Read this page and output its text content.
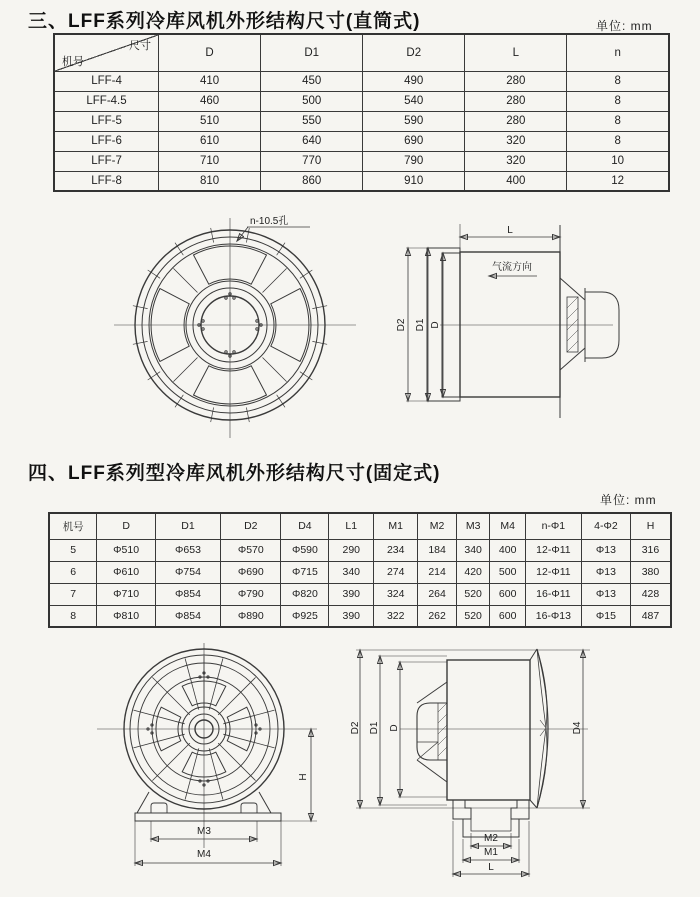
三、LFF系列冷库风机外形结构尺寸(直筒式)	单位: mm
尺寸
机号	D	D1	D2	L	n
LFF-4	410	450	490	280	8
LFF-4.5	460	500	540	280	8
LFF-5	510	550	590	280	8
LFF-6	610	640	690	320	8
LFF-7	710	770	790	320	10
LFF-8	810	860	910	400	12
n-10.5孔
L
D2 D1 D
气流方向
四、LFF系列型冷库风机外形结构尺寸(固定式)
单位: mm
机号	D	D1	D2	D4	L1	M1	M2	M3	M4	n-Φ1	4-Φ2	H
5	Φ510	Φ653	Φ570	Φ590	290	234	184	340	400	12-Φ11	Φ13	316
6	Φ610	Φ754	Φ690	Φ715	340	274	214	420	500	12-Φ11	Φ13	380
7	Φ710	Φ854	Φ790	Φ820	390	324	264	520	600	16-Φ11	Φ13	428
8	Φ810	Φ854	Φ890	Φ925	390	322	262	520	600	16-Φ13	Φ15	487
H
M3
M4
D2 D1 D	D4
M2
M1
L
